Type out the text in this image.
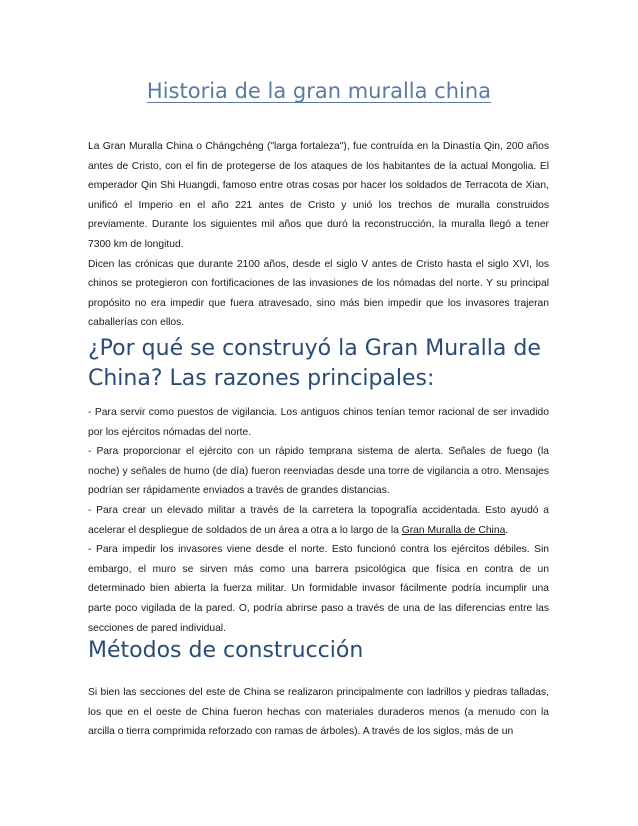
Historia de la gran muralla china

La Gran Muralla China o Chángchéng ("larga fortaleza"), fue contruída en la Dinastía Qin, 200 años antes de Cristo, con el fin de protegerse de los ataques de los habitantes de la actual Mongolia. El emperador Qin Shi Huangdi, famoso entre otras cosas por hacer los soldados de Terracota de Xian, unificó el Imperio en el año 221 antes de Cristo y unió los trechos de muralla construidos previamente. Durante los siguientes mil años que duró la reconstrucción, la muralla llegó a tener 7300 km de longitud.

Dicen las crónicas que durante 2100 años, desde el siglo V antes de Cristo hasta el siglo XVI, los chinos se protegieron con fortificaciones de las invasiones de los nómadas del norte. Y su principal propósito no era impedir que fuera atravesado, sino más bien impedir que los invasores trajeran caballerías con ellos.

¿Por qué se construyó la Gran Muralla de China? Las razones principales:

- Para servir como puestos de vigilancia. Los antiguos chinos tenían temor racional de ser invadido por los ejércitos nómadas del norte.

- Para proporcionar el ejército con un rápido temprana sistema de alerta. Señales de fuego (la noche) y señales de humo (de día) fueron reenviadas desde una torre de vigilancia a otro. Mensajes podrían ser rápidamente enviados a través de grandes distancias.

- Para crear un elevado militar a través de la carretera la topografía accidentada. Esto ayudó a acelerar el despliegue de soldados de un área a otra a lo largo de la Gran Muralla de China.

- Para impedir los invasores viene desde el norte. Esto funcionó contra los ejércitos débiles. Sin embargo, el muro se sirven más como una barrera psicológica que física en contra de un determinado bien abierta la fuerza militar. Un formidable invasor fácilmente podría incumplir una parte poco vigilada de la pared. O, podría abrirse paso a través de una de las diferencias entre las secciones de pared individual.

Métodos de construcción

Si bien las secciones del este de China se realizaron principalmente con ladrillos y piedras talladas, los que en el oeste de China fueron hechas con materiales duraderos menos (a menudo con la arcilla o tierra comprimida reforzado con ramas de árboles). A través de los siglos, más de un
